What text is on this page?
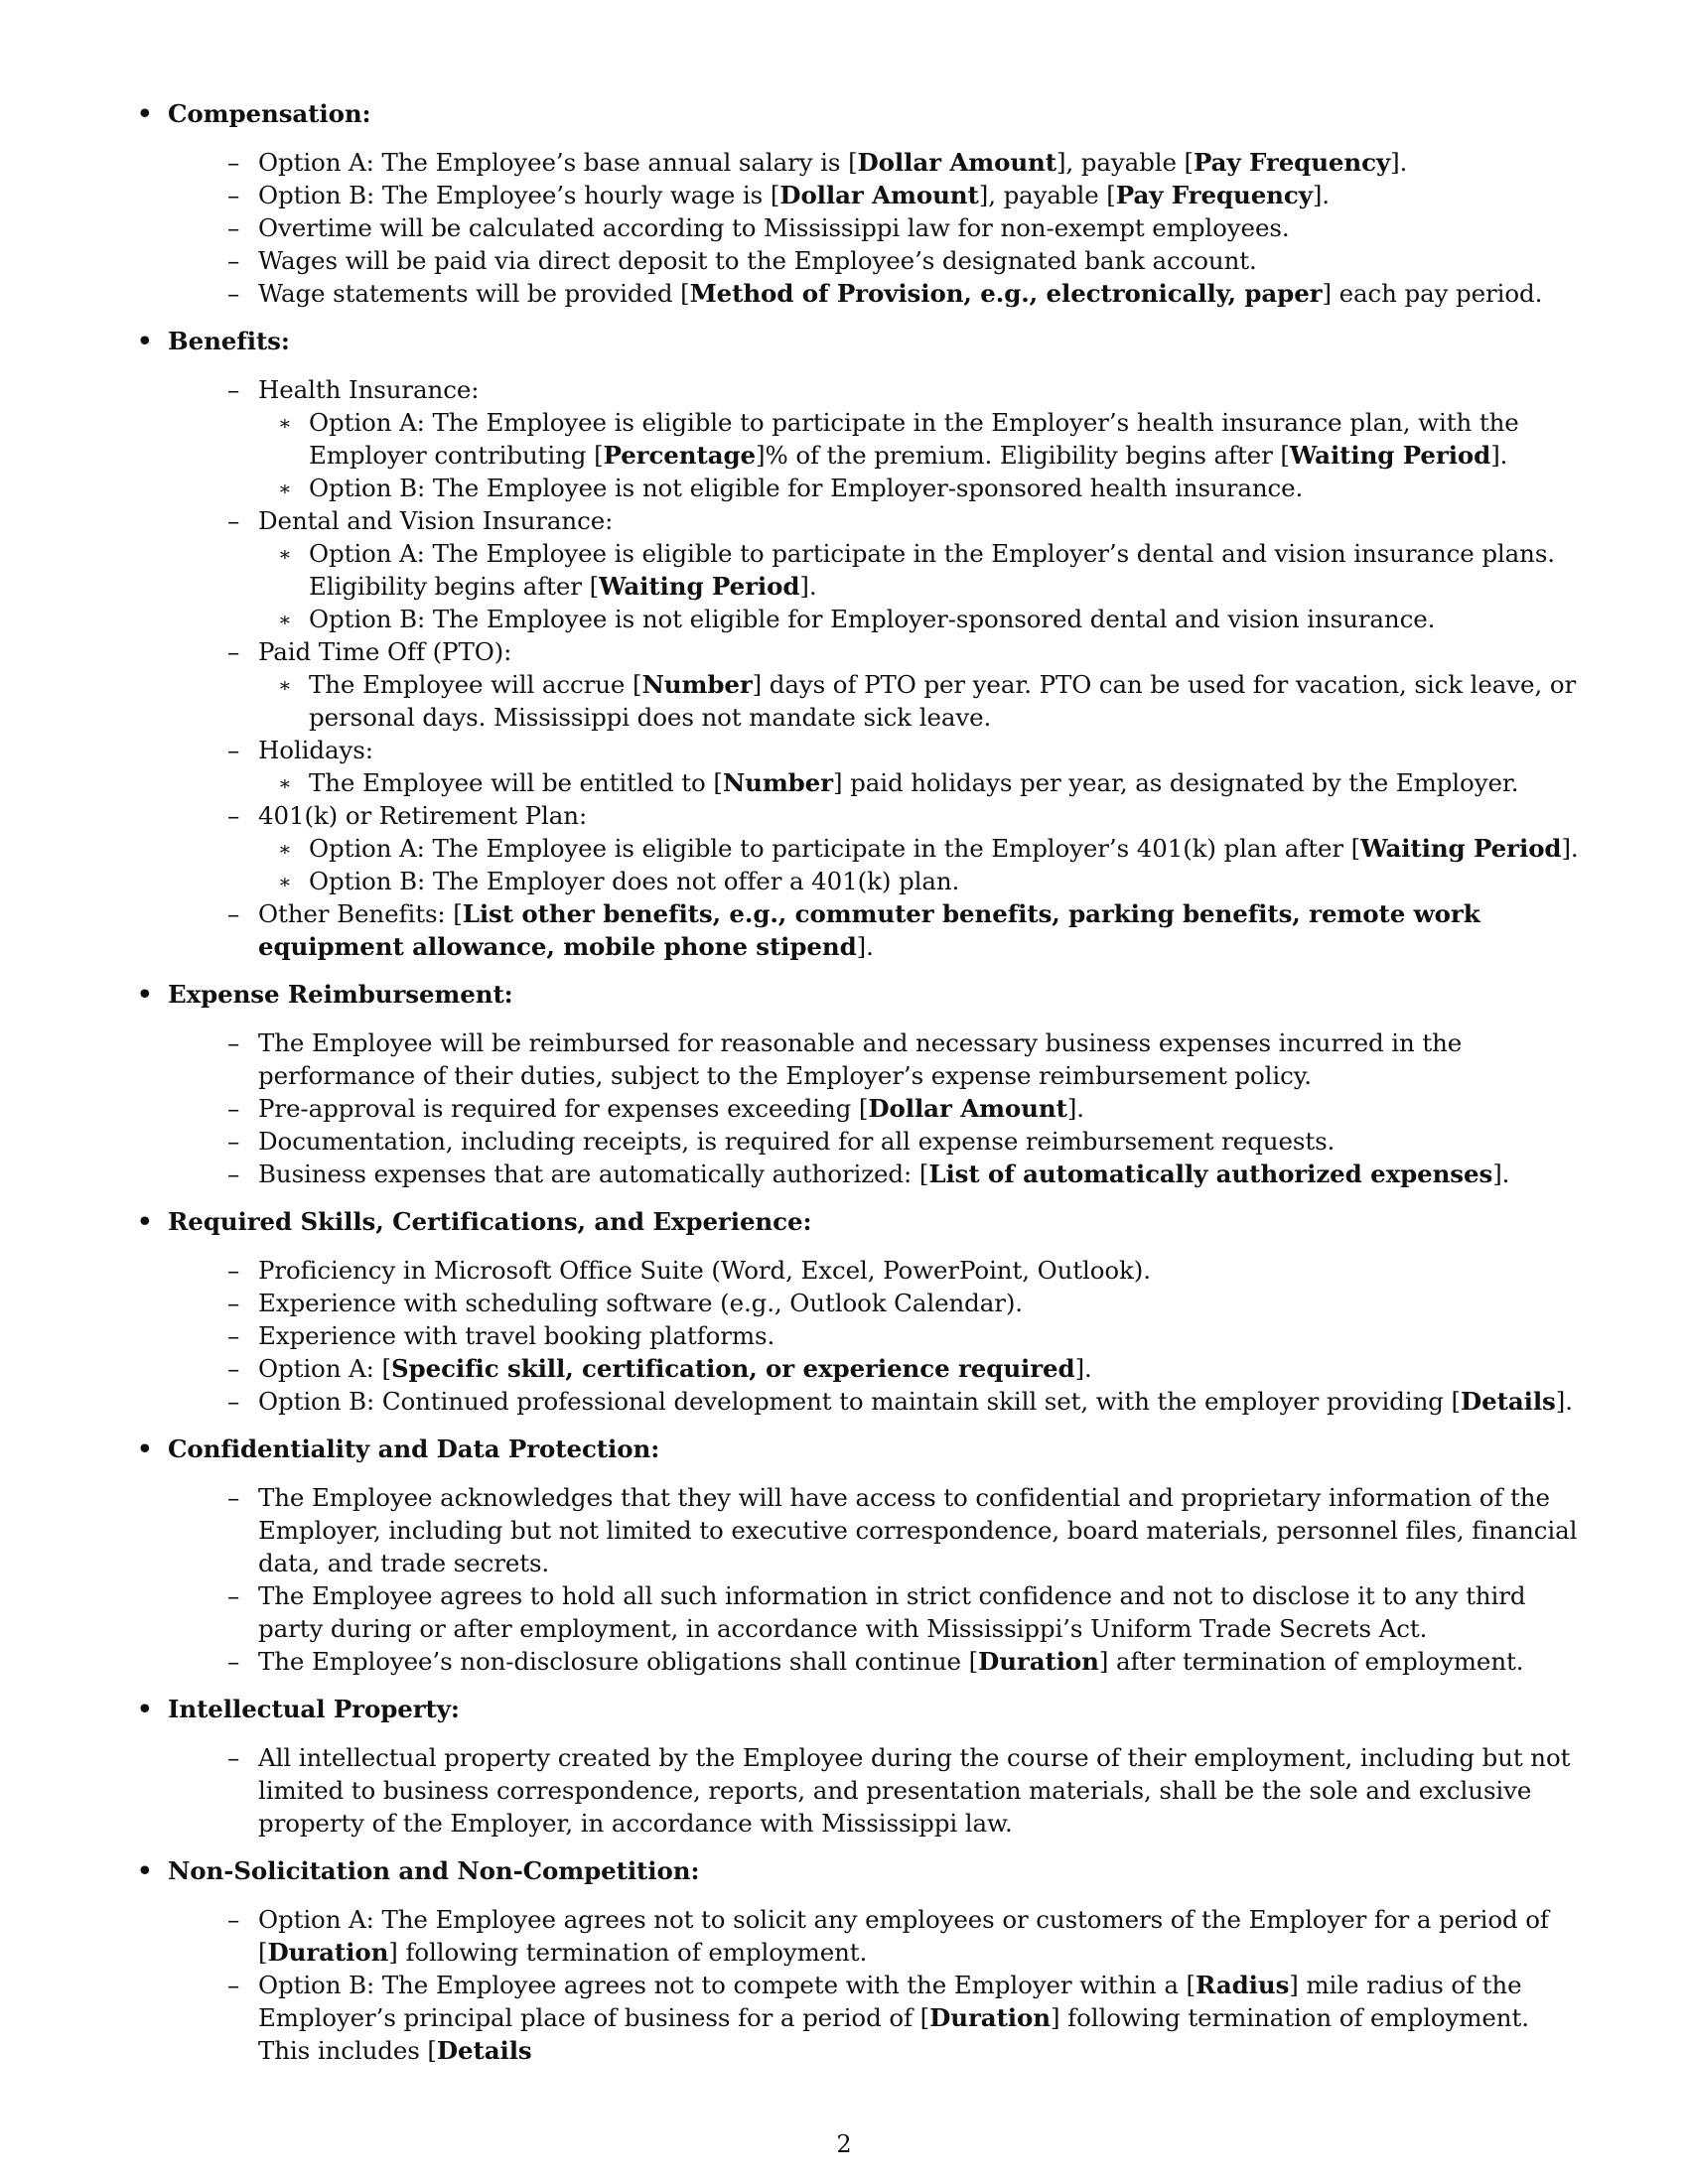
• Compensation:
– Option A: The Employee’s base annual salary is [Dollar Amount], payable [Pay Frequency].
– Option B: The Employee’s hourly wage is [Dollar Amount], payable [Pay Frequency].
– Overtime will be calculated according to Mississippi law for non-exempt employees.
– Wages will be paid via direct deposit to the Employee’s designated bank account.
– Wage statements will be provided [Method of Provision, e.g., electronically, paper] each pay period.
• Benefits:
– Health Insurance:
∗ Option A: The Employee is eligible to participate in the Employer’s health insurance plan, with the Employer contributing [Percentage]% of the premium. Eligibility begins after [Waiting Period].
∗ Option B: The Employee is not eligible for Employer-sponsored health insurance.
– Dental and Vision Insurance:
∗ Option A: The Employee is eligible to participate in the Employer’s dental and vision insurance plans. Eligibility begins after [Waiting Period].
∗ Option B: The Employee is not eligible for Employer-sponsored dental and vision insurance.
– Paid Time Off (PTO):
∗ The Employee will accrue [Number] days of PTO per year. PTO can be used for vacation, sick leave, or personal days. Mississippi does not mandate sick leave.
– Holidays:
∗ The Employee will be entitled to [Number] paid holidays per year, as designated by the Employer.
– 401(k) or Retirement Plan:
∗ Option A: The Employee is eligible to participate in the Employer’s 401(k) plan after [Waiting Period].
∗ Option B: The Employer does not offer a 401(k) plan.
– Other Benefits: [List other benefits, e.g., commuter benefits, parking benefits, remote work equipment allowance, mobile phone stipend].
• Expense Reimbursement:
– The Employee will be reimbursed for reasonable and necessary business expenses incurred in the performance of their duties, subject to the Employer’s expense reimbursement policy.
– Pre-approval is required for expenses exceeding [Dollar Amount].
– Documentation, including receipts, is required for all expense reimbursement requests.
– Business expenses that are automatically authorized: [List of automatically authorized expenses].
• Required Skills, Certifications, and Experience:
– Proficiency in Microsoft Office Suite (Word, Excel, PowerPoint, Outlook).
– Experience with scheduling software (e.g., Outlook Calendar).
– Experience with travel booking platforms.
– Option A: [Specific skill, certification, or experience required].
– Option B: Continued professional development to maintain skill set, with the employer providing [Details].
• Confidentiality and Data Protection:
– The Employee acknowledges that they will have access to confidential and proprietary information of the Employer, including but not limited to executive correspondence, board materials, personnel files, financial data, and trade secrets.
– The Employee agrees to hold all such information in strict confidence and not to disclose it to any third party during or after employment, in accordance with Mississippi’s Uniform Trade Secrets Act.
– The Employee’s non-disclosure obligations shall continue [Duration] after termination of employment.
• Intellectual Property:
– All intellectual property created by the Employee during the course of their employment, including but not limited to business correspondence, reports, and presentation materials, shall be the sole and exclusive property of the Employer, in accordance with Mississippi law.
• Non-Solicitation and Non-Competition:
– Option A: The Employee agrees not to solicit any employees or customers of the Employer for a period of [Duration] following termination of employment.
– Option B: The Employee agrees not to compete with the Employer within a [Radius] mile radius of the Employer’s principal place of business for a period of [Duration] following termination of employment. This includes [Details
2
